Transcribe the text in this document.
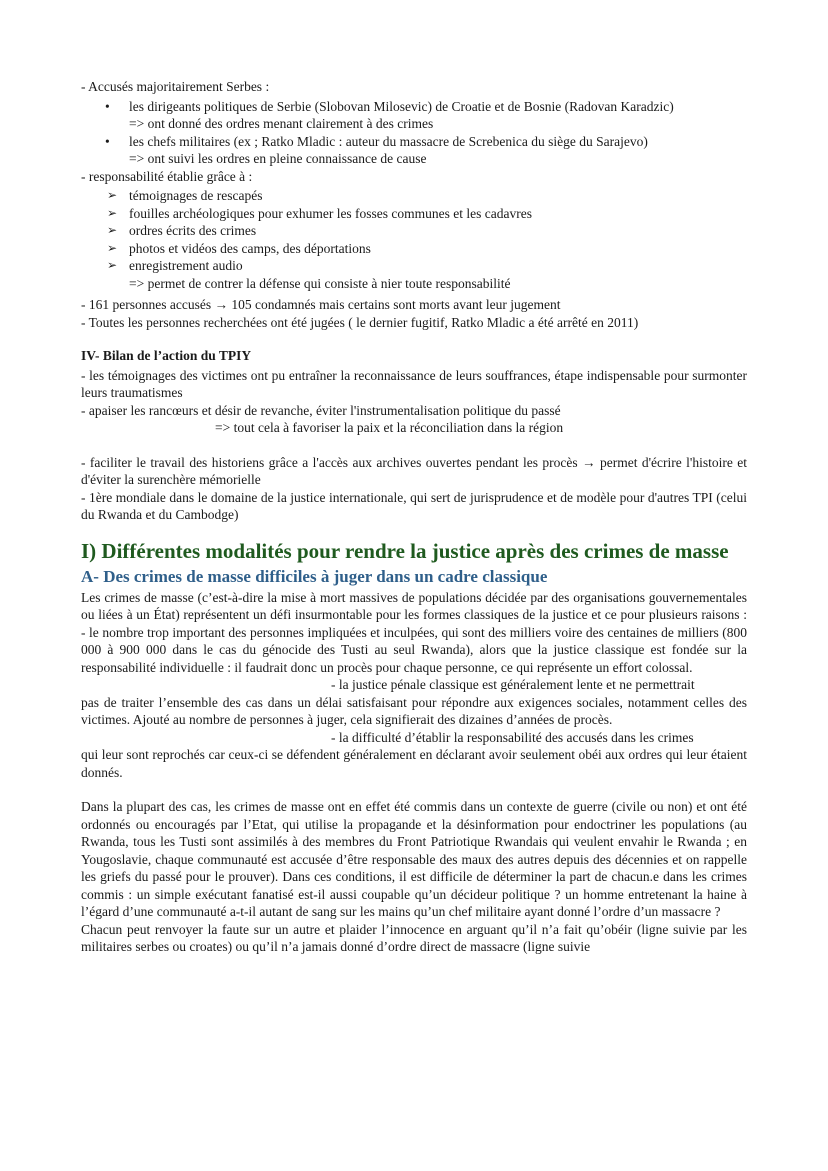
- Accusés majoritairement Serbes :

• les dirigeants politiques de Serbie (Slobovan Milosevic) de Croatie et de Bosnie (Radovan Karadzic)
=> ont donné des ordres menant clairement à des crimes
• les chefs militaires (ex ; Ratko Mladic : auteur du massacre de Screbenica du siège du Sarajevo)
=> ont suivi les ordres en pleine connaissance de cause

- responsabilité établie grâce à :

➢ témoignages de rescapés
➢ fouilles archéologiques pour exhumer les fosses communes et les cadavres
➢ ordres écrits des crimes
➢ photos et vidéos des camps, des déportations
➢ enregistrement audio
=> permet de contrer la défense qui consiste à nier toute responsabilité

- 161 personnes accusés → 105 condamnés mais certains sont morts avant leur jugement

- Toutes les personnes recherchées ont été jugées ( le dernier fugitif, Ratko Mladic a été arrêté en 2011)

IV- Bilan de l’action du TPIY

- les témoignages des victimes ont pu entraîner la reconnaissance de leurs souffrances, étape indispensable pour surmonter leurs traumatismes

- apaiser les rancœurs et désir de revanche, éviter l'instrumentalisation politique du passé

=> tout cela à favoriser la paix et la réconciliation dans la région

- faciliter le travail des historiens grâce a l'accès aux archives ouvertes pendant les procès → permet d'écrire l'histoire et d'éviter la surenchère mémorielle

- 1ère mondiale dans le domaine de la justice internationale, qui sert de jurisprudence et de modèle pour d'autres TPI (celui du Rwanda et du Cambodge)

I) Différentes modalités pour rendre la justice après des crimes de masse
A- Des crimes de masse difficiles à juger dans un cadre classique

Les crimes de masse (c’est-à-dire la mise à mort massives de populations décidée par des organisations gouvernementales ou liées à un État) représentent un défi insurmontable pour les formes classiques de la justice et ce pour plusieurs raisons : - le nombre trop important des personnes impliquées et inculpées, qui sont des milliers voire des centaines de milliers (800 000 à 900 000 dans le cas du génocide des Tusti au seul Rwanda), alors que la justice classique est fondée sur la responsabilité individuelle : il faudrait donc un procès pour chaque personne, ce qui représente un effort colossal.

- la justice pénale classique est généralement lente et ne permettrait

pas de traiter l’ensemble des cas dans un délai satisfaisant pour répondre aux exigences sociales, notamment celles des victimes. Ajouté au nombre de personnes à juger, cela signifierait des dizaines d’années de procès.

- la difficulté d’établir la responsabilité des accusés dans les crimes

qui leur sont reprochés car ceux-ci se défendent généralement en déclarant avoir seulement obéi aux ordres qui leur étaient donnés.

Dans la plupart des cas, les crimes de masse ont en effet été commis dans un contexte de guerre (civile ou non) et ont été ordonnés ou encouragés par l’Etat, qui utilise la propagande et la désinformation pour endoctriner les populations (au Rwanda, tous les Tusti sont assimilés à des membres du Front Patriotique Rwandais qui veulent envahir le Rwanda ; en Yougoslavie, chaque communauté est accusée d’être responsable des maux des autres depuis des décennies et on rappelle les griefs du passé pour le prouver). Dans ces conditions, il est difficile de déterminer la part de chacun.e dans les crimes commis : un simple exécutant fanatisé est-il aussi coupable qu’un décideur politique ? un homme entretenant la haine à l’égard d’une communauté a-t-il autant de sang sur les mains qu’un chef militaire ayant donné l’ordre d’un massacre ?

Chacun peut renvoyer la faute sur un autre et plaider l’innocence en arguant qu’il n’a fait qu’obéir (ligne suivie par les militaires serbes ou croates) ou qu’il n’a jamais donné d’ordre direct de massacre (ligne suivie
